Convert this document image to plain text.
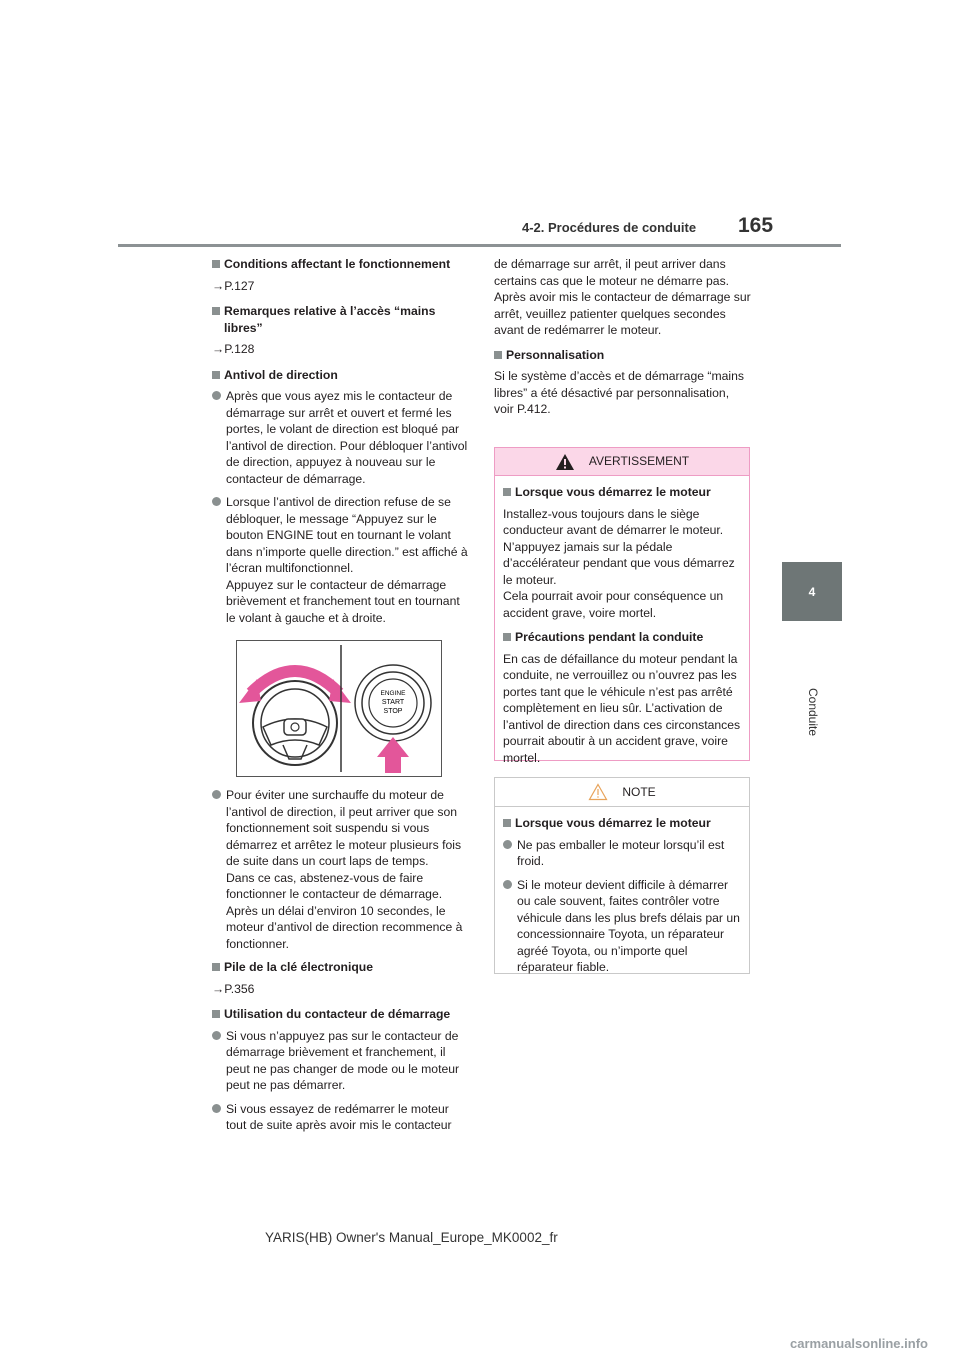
4-2. Procédures de conduite 165
4
Conduite
Conditions affectant le fonctionnement
→P.127
Remarques relative à l’accès “mains libres”
→P.128
Antivol de direction
Après que vous ayez mis le contacteur de démarrage sur arrêt et ouvert et fermé les portes, le volant de direction est bloqué par l’antivol de direction. Pour débloquer l’antivol de direction, appuyez à nouveau sur le contacteur de démarrage.
Lorsque l’antivol de direction refuse de se débloquer, le message “Appuyez sur le bouton ENGINE tout en tournant le volant dans n’importe quelle direction.” est affiché à l’écran multifonctionnel.
Appuyez sur le contacteur de démarrage brièvement et franchement tout en tournant le volant à gauche et à droite.
ENGINE
START
STOP
Pour éviter une surchauffe du moteur de l’antivol de direction, il peut arriver que son fonctionnement soit suspendu si vous démarrez et arrêtez le moteur plusieurs fois de suite dans un court laps de temps.
Dans ce cas, abstenez-vous de faire fonctionner le contacteur de démarrage. Après un délai d’environ 10 secondes, le moteur d’antivol de direction recommence à fonctionner.
Pile de la clé électronique
→P.356
Utilisation du contacteur de démarrage
Si vous n’appuyez pas sur le contacteur de démarrage brièvement et franchement, il peut ne pas changer de mode ou le moteur peut ne pas démarrer.
Si vous essayez de redémarrer le moteur tout de suite après avoir mis le contacteur
de démarrage sur arrêt, il peut arriver dans certains cas que le moteur ne démarre pas. Après avoir mis le contacteur de démarrage sur arrêt, veuillez patienter quelques secondes avant de redémarrer le moteur.
Personnalisation
Si le système d’accès et de démarrage “mains libres” a été désactivé par personnalisation, voir P.412.
AVERTISSEMENT
Lorsque vous démarrez le moteur
Installez-vous toujours dans le siège conducteur avant de démarrer le moteur. N’appuyez jamais sur la pédale d’accélérateur pendant que vous démarrez le moteur.
Cela pourrait avoir pour conséquence un accident grave, voire mortel.
Précautions pendant la conduite
En cas de défaillance du moteur pendant la conduite, ne verrouillez ou n’ouvrez pas les portes tant que le véhicule n’est pas arrêté complètement en lieu sûr. L’activation de l’antivol de direction dans ces circonstances pourrait aboutir à un accident grave, voire mortel.
NOTE
Lorsque vous démarrez le moteur
Ne pas emballer le moteur lorsqu’il est froid.
Si le moteur devient difficile à démarrer ou cale souvent, faites contrôler votre véhicule dans les plus brefs délais par un concessionnaire Toyota, un réparateur agréé Toyota, ou n’importe quel réparateur fiable.
YARIS(HB) Owner's Manual_Europe_MK0002_fr
carmanualsonline.info
